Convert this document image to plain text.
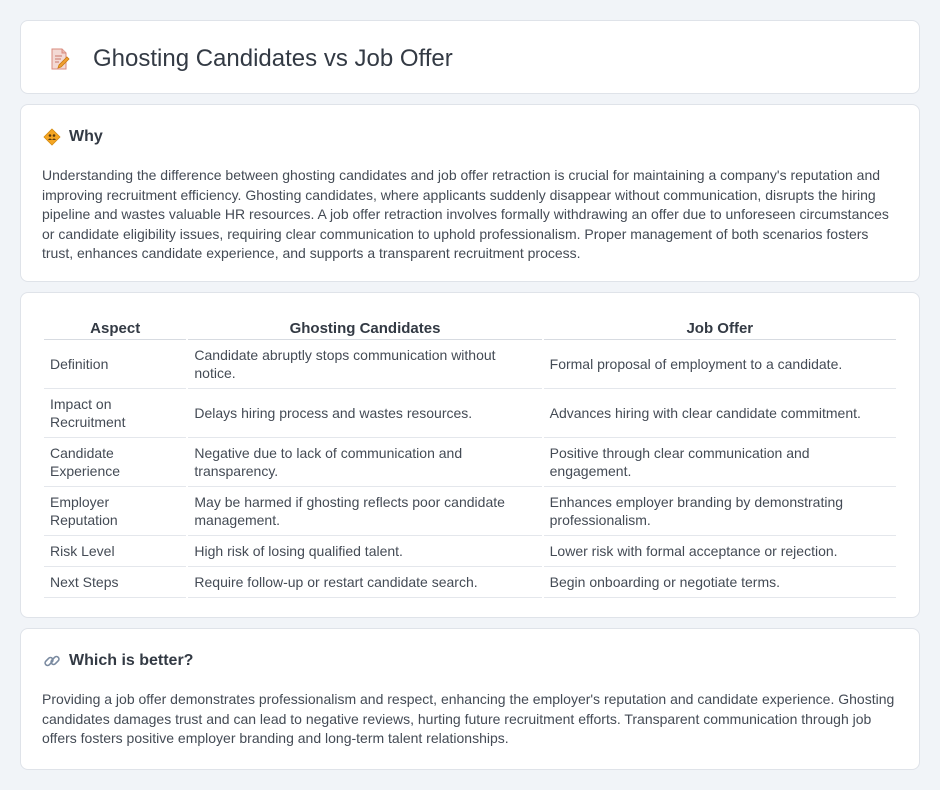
Ghosting Candidates vs Job Offer
Why

Understanding the difference between ghosting candidates and job offer retraction is crucial for maintaining a company's reputation and improving recruitment efficiency. Ghosting candidates, where applicants suddenly disappear without communication, disrupts the hiring pipeline and wastes valuable HR resources. A job offer retraction involves formally withdrawing an offer due to unforeseen circumstances or candidate eligibility issues, requiring clear communication to uphold professionalism. Proper management of both scenarios fosters trust, enhances candidate experience, and supports a transparent recruitment process.

Aspect	Ghosting Candidates	Job Offer
Definition	Candidate abruptly stops communication without notice.	Formal proposal of employment to a candidate.
Impact on Recruitment	Delays hiring process and wastes resources.	Advances hiring with clear candidate commitment.
Candidate Experience	Negative due to lack of communication and transparency.	Positive through clear communication and engagement.
Employer Reputation	May be harmed if ghosting reflects poor candidate management.	Enhances employer branding by demonstrating professionalism.
Risk Level	High risk of losing qualified talent.	Lower risk with formal acceptance or rejection.
Next Steps	Require follow-up or restart candidate search.	Begin onboarding or negotiate terms.
Which is better?

Providing a job offer demonstrates professionalism and respect, enhancing the employer's reputation and candidate experience. Ghosting candidates damages trust and can lead to negative reviews, hurting future recruitment efforts. Transparent communication through job offers fosters positive employer branding and long-term talent relationships.
